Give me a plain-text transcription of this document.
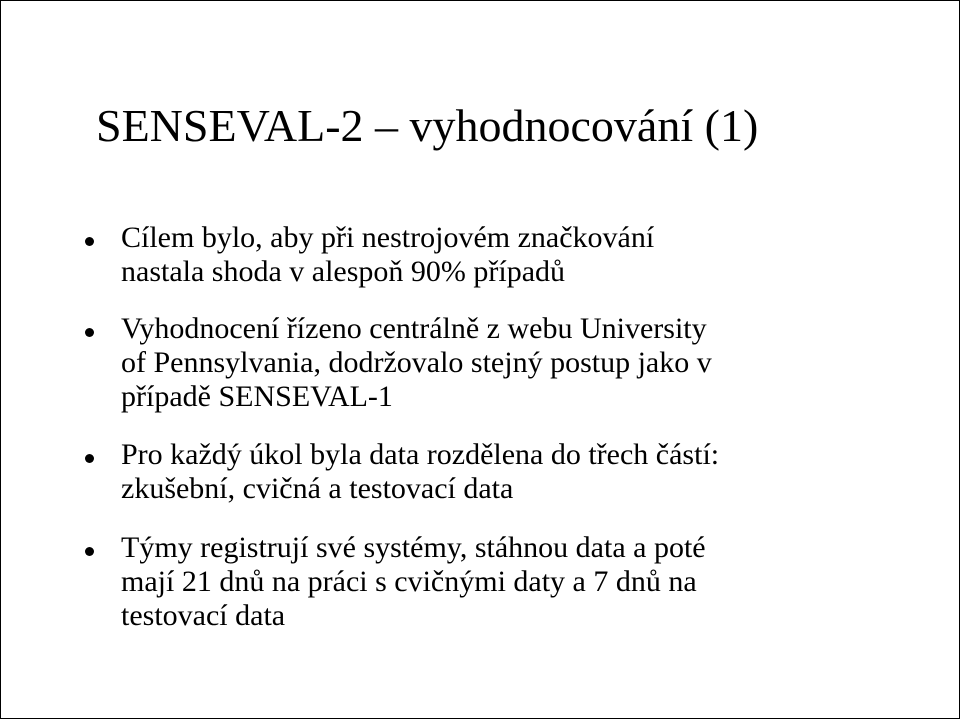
SENSEVAL-2 – vyhodnocování (1)

Cílem bylo, aby při nestrojovém značkování
nastala shoda v alespoň 90% případů

Vyhodnocení řízeno centrálně z webu University
of Pennsylvania, dodržovalo stejný postup jako v
případě SENSEVAL-1

Pro každý úkol byla data rozdělena do třech částí:
zkušební, cvičná a testovací data

Týmy registrují své systémy, stáhnou data a poté
mají 21 dnů na práci s cvičnými daty a 7 dnů na
testovací data
